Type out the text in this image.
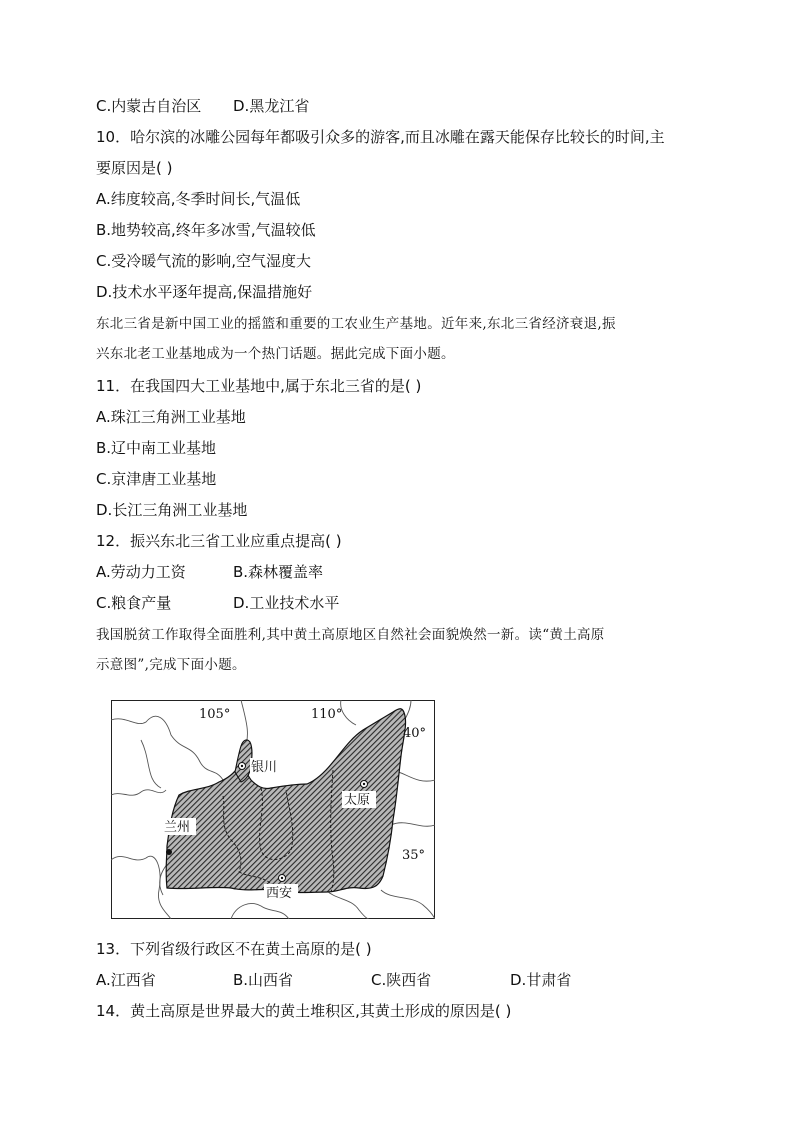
C.内蒙古自治区 D.黑龙江省
10．哈尔滨的冰雕公园每年都吸引众多的游客,而且冰雕在露天能保存比较长的时间,主
要原因是( )
A.纬度较高,冬季时间长,气温低
B.地势较高,终年多冰雪,气温较低
C.受冷暖气流的影响,空气湿度大
D.技术水平逐年提高,保温措施好
东北三省是新中国工业的摇篮和重要的工农业生产基地。近年来,东北三省经济衰退,振
兴东北老工业基地成为一个热门话题。据此完成下面小题。
11．在我国四大工业基地中,属于东北三省的是( )
A.珠江三角洲工业基地
B.辽中南工业基地
C.京津唐工业基地
D.长江三角洲工业基地
12．振兴东北三省工业应重点提高( )
A.劳动力工资	B.森林覆盖率
C.粮食产量	D.工业技术水平
我国脱贫工作取得全面胜利,其中黄土高原地区自然社会面貌焕然一新。读“黄土高原
示意图”,完成下面小题。
105°	110°
40°
35°
银川
太原
兰州
西安
13．下列省级行政区不在黄土高原的是( )
A.江西省	B.山西省	C.陕西省	D.甘肃省
14．黄土高原是世界最大的黄土堆积区,其黄土形成的原因是( )
